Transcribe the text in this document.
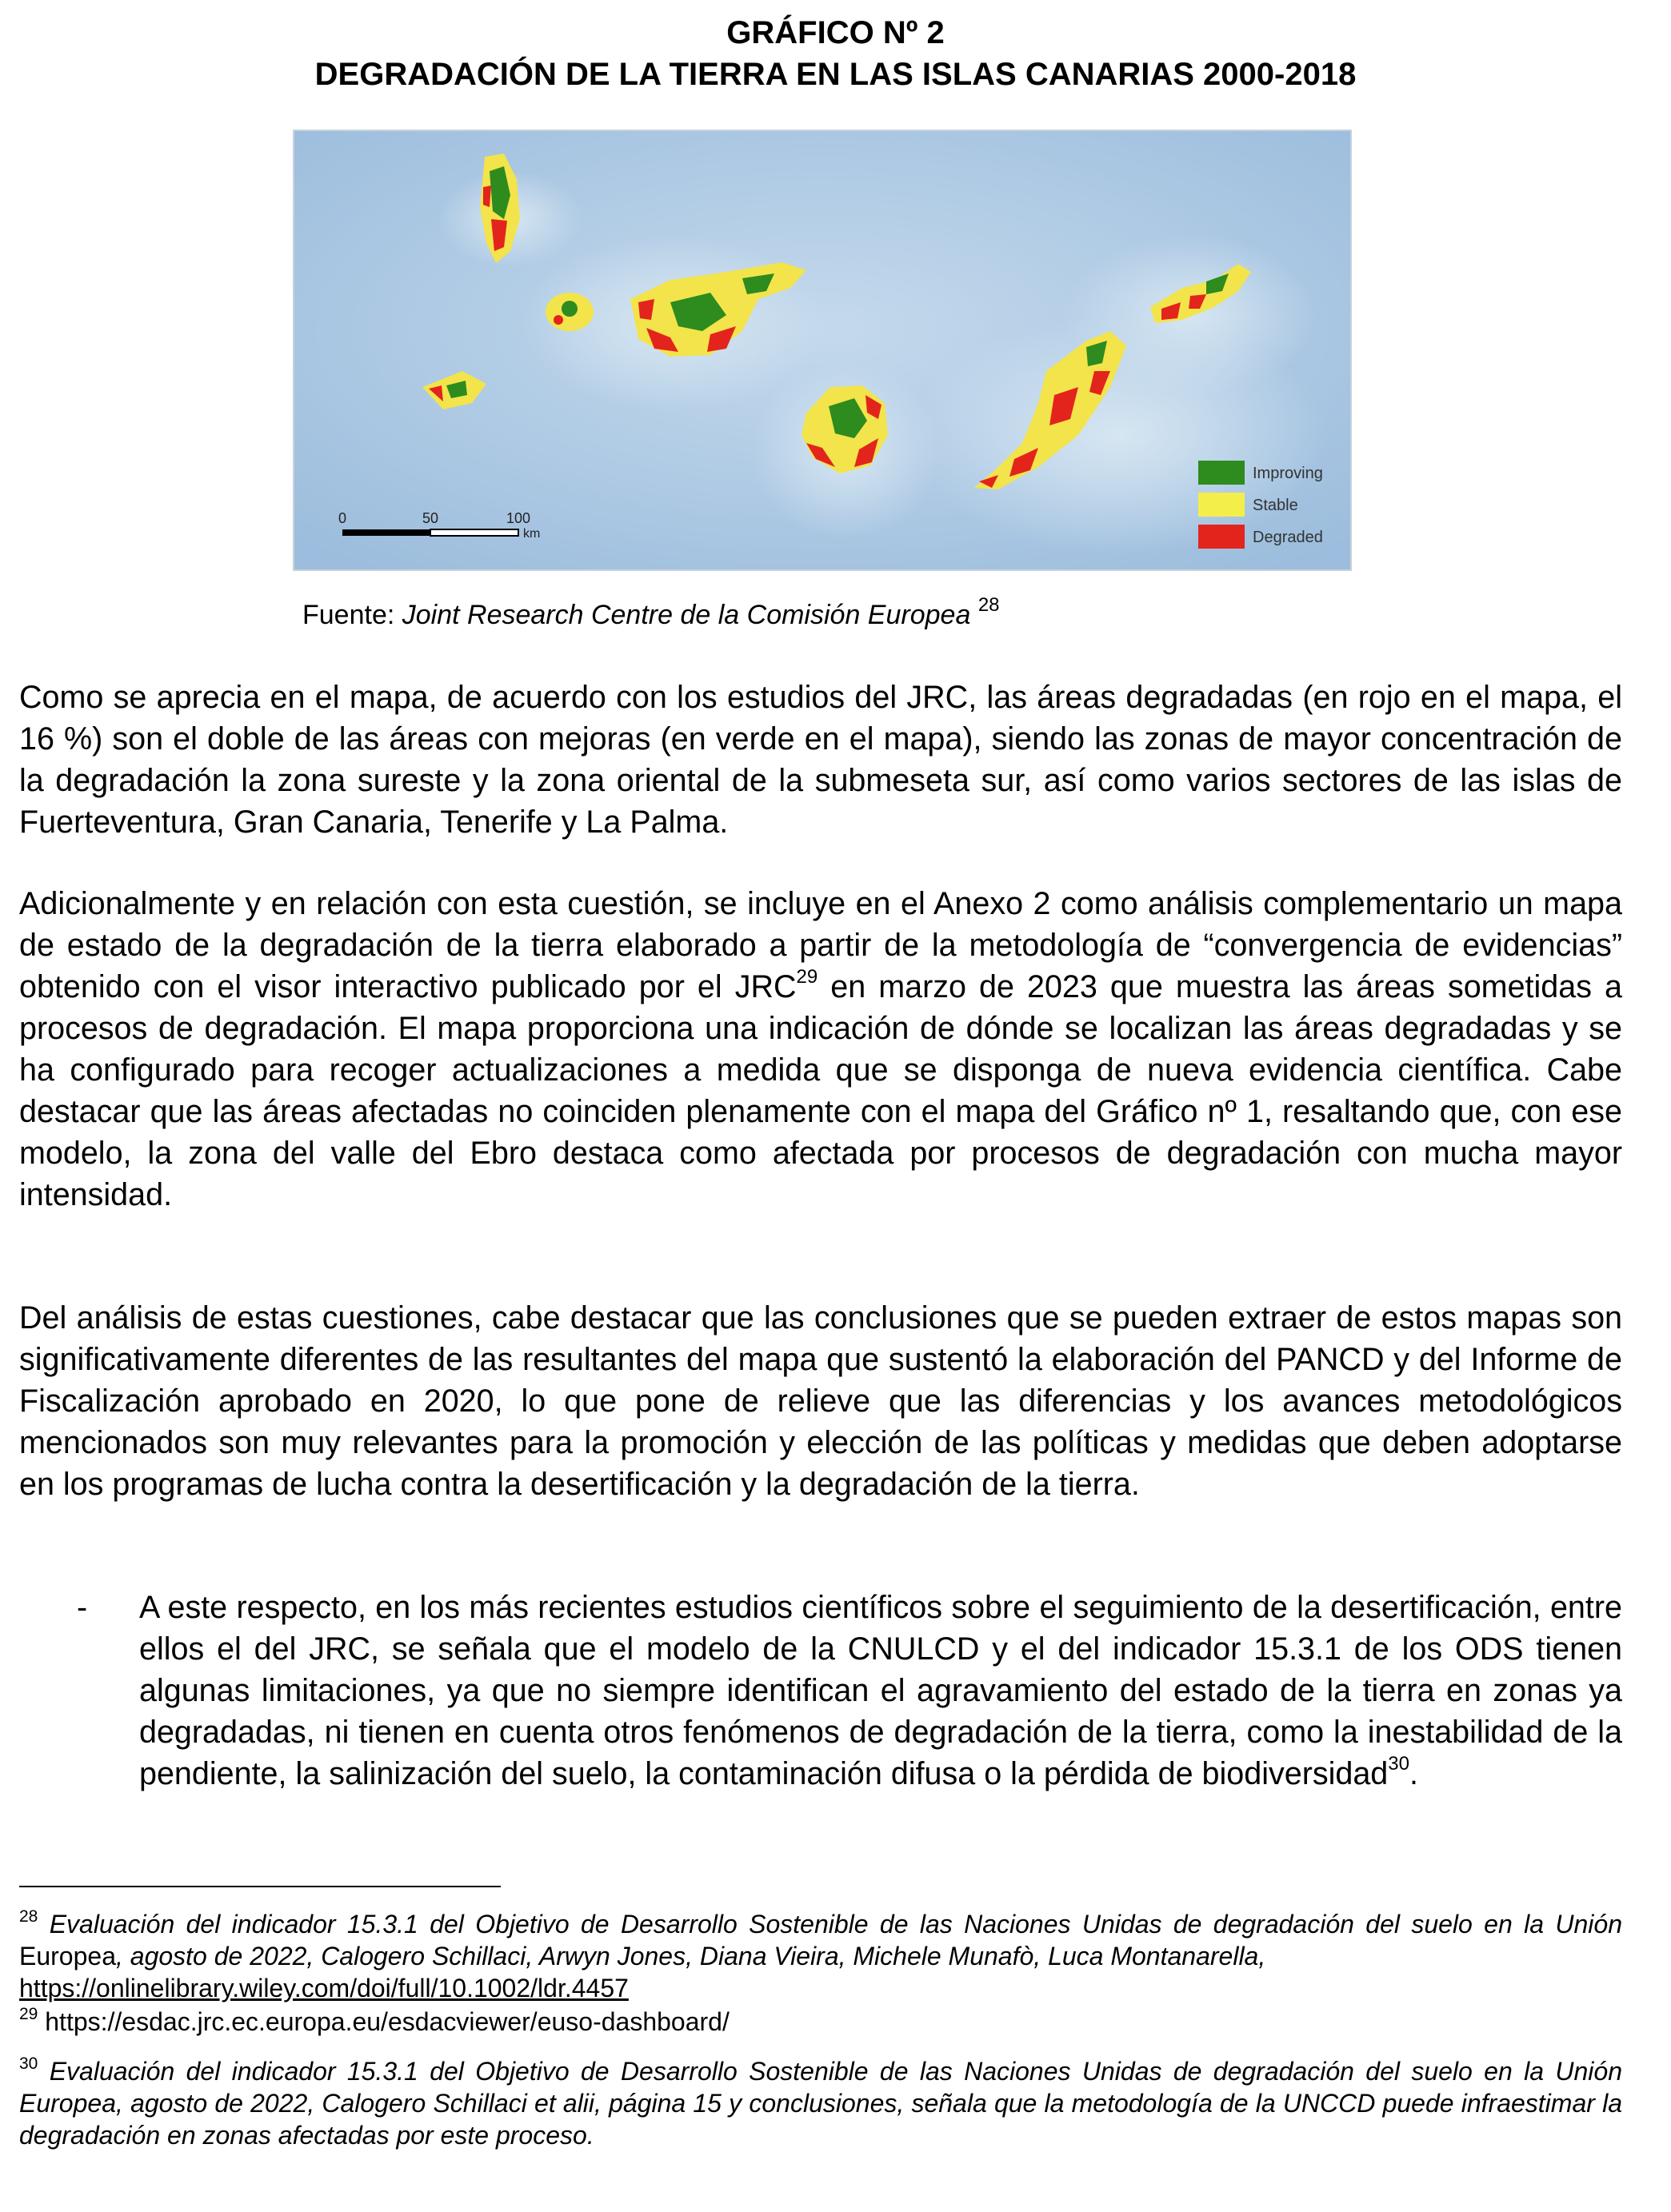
GRÁFICO Nº 2
DEGRADACIÓN DE LA TIERRA EN LAS ISLAS CANARIAS 2000-2018
0	50	100
km
Improving
Stable
Degraded
Fuente: Joint Research Centre de la Comisión Europea $^{28}$

Como se aprecia en el mapa, de acuerdo con los estudios del JRC, las áreas degradadas (en rojo en el mapa, el 16 %) son el doble de las áreas con mejoras (en verde en el mapa), siendo las zonas de mayor concentración de la degradación la zona sureste y la zona oriental de la submeseta sur, así como varios sectores de las islas de Fuerteventura, Gran Canaria, Tenerife y La Palma.

Adicionalmente y en relación con esta cuestión, se incluye en el Anexo 2 como análisis complementario un mapa de estado de la degradación de la tierra elaborado a partir de la metodología de “convergencia de evidencias” obtenido con el visor interactivo publicado por el JRC$^{29}$ en marzo de 2023 que muestra las áreas sometidas a procesos de degradación. El mapa proporciona una indicación de dónde se localizan las áreas degradadas y se ha configurado para recoger actualizaciones a medida que se disponga de nueva evidencia científica. Cabe destacar que las áreas afectadas no coinciden plenamente con el mapa del Gráfico nº 1, resaltando que, con ese modelo, la zona del valle del Ebro destaca como afectada por procesos de degradación con mucha mayor intensidad.

Del análisis de estas cuestiones, cabe destacar que las conclusiones que se pueden extraer de estos mapas son significativamente diferentes de las resultantes del mapa que sustentó la elaboración del PANCD y del Informe de Fiscalización aprobado en 2020, lo que pone de relieve que las diferencias y los avances metodológicos mencionados son muy relevantes para la promoción y elección de las políticas y medidas que deben adoptarse en los programas de lucha contra la desertificación y la degradación de la tierra.

- A este respecto, en los más recientes estudios científicos sobre el seguimiento de la desertificación, entre ellos el del JRC, se señala que el modelo de la CNULCD y el del indicador 15.3.1 de los ODS tienen algunas limitaciones, ya que no siempre identifican el agravamiento del estado de la tierra en zonas ya degradadas, ni tienen en cuenta otros fenómenos de degradación de la tierra, como la inestabilidad de la pendiente, la salinización del suelo, la contaminación difusa o la pérdida de biodiversidad$^{30}$.

$^{28}$ Evaluación del indicador 15.3.1 del Objetivo de Desarrollo Sostenible de las Naciones Unidas de degradación del suelo en la Unión Europea, agosto de 2022, Calogero Schillaci, Arwyn Jones, Diana Vieira, Michele Munafò, Luca Montanarella,
https://onlinelibrary.wiley.com/doi/full/10.1002/ldr.4457

$^{29}$ https://esdac.jrc.ec.europa.eu/esdacviewer/euso-dashboard/

$^{30}$ Evaluación del indicador 15.3.1 del Objetivo de Desarrollo Sostenible de las Naciones Unidas de degradación del suelo en la Unión Europea, agosto de 2022, Calogero Schillaci et alii, página 15 y conclusiones, señala que la metodología de la UNCCD puede infraestimar la degradación en zonas afectadas por este proceso.
